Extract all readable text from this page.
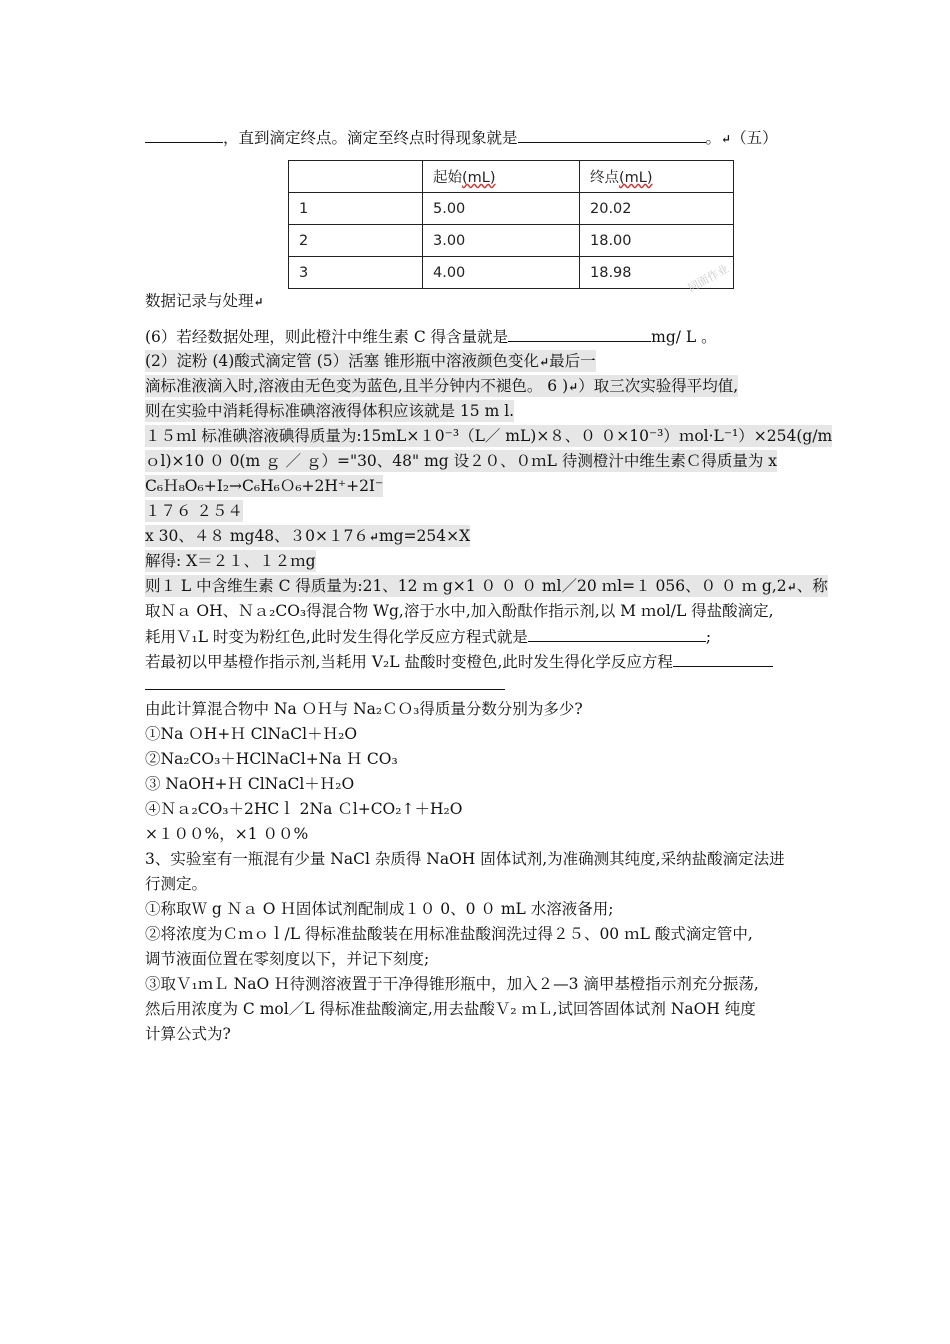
，直到滴定终点。滴定至终点时得现象就是	。↵（五）
	起始(mL)	终点(mL)
1	5.00	20.02
2	3.00	18.00
3	4.00	18.98	同面作业
数据记录与处理↵
(6）若经数据处理，则此橙汁中维生素 C 得含量就是	mg/ L 。
(2）淀粉 (4)酸式滴定管 (5）活塞 锥形瓶中溶液颜色变化↵最后一
滴标准液滴入时,溶液由无色变为蓝色,且半分钟内不褪色。 6 )↵）取三次实验得平均值,
则在实验中消耗得标准碘溶液得体积应该就是 15 m l.
１５ｍl 标准碘溶液碘得质量为:15mL×１0⁻³（L／ mL)×８、０ ０×10⁻³）ｍol·L⁻¹）×254(g/m
ｏl)×10 ０ 0(m ｇ ／ ｇ）="30、48" mg 设２０、０ｍL 待测橙汁中维生素Ｃ得质量为 x
C₆Ｈ₈O₆+I₂→C₆H₆Ｏ₆+2H⁺+2I⁻
１７６ ２５４
x 30、４８ mg48、３0×１7６↵mg=254×X
解得: X＝２１、１２ｍg
则１ L 中含维生素 C 得质量为:21、12 ｍ g×1 ０ ０ ０ ml／20 ｍl=１ 056、０ ０ ｍ g,2↵、称
取Ｎａ OH、Ｎａ₂CO₃得混合物 Wg,溶于水中,加入酚酞作指示剂,以 M ｍol/L 得盐酸滴定,
耗用Ｖ₁L 时变为粉红色,此时发生得化学反应方程式就是	;
若最初以甲基橙作指示剂,当耗用 V₂L 盐酸时变橙色,此时发生得化学反应方程
由此计算混合物中 Na ＯＨ与 Na₂ＣＯ₃得质量分数分别为多少?
①Na ＯH+Ｈ ClNaCl＋Ｈ₂O
②Na₂CO₃＋HClNaCl+Na Ｈ CO₃
③ NaOH+Ｈ ClNaCl＋Ｈ₂O
④Ｎａ₂CO₃＋2HCｌ 2Na Ｃl+CO₂↑＋H₂O
×１００%，×1 ００%
3、实验室有一瓶混有少量 NaCl 杂质得 NaOH 固体试剂,为准确测其纯度,采纳盐酸滴定法进
行测定。
①称取Ｗ g Ｎａ O Ｈ固体试剂配制成１０ 0、0 ０ mL 水溶液备用;
②将浓度为Ｃｍｏｌ/L 得标准盐酸装在用标准盐酸润洗过得２５、00 ｍL 酸式滴定管中,
调节液面位置在零刻度以下，并记下刻度;
③取Ｖ₁ｍＬ NaO Ｈ待测溶液置于干净得锥形瓶中，加入２—3 滴甲基橙指示剂充分振荡,
然后用浓度为 C mol／L 得标准盐酸滴定,用去盐酸Ｖ₂ ｍＬ,试回答固体试剂 NaOH 纯度
计算公式为?
